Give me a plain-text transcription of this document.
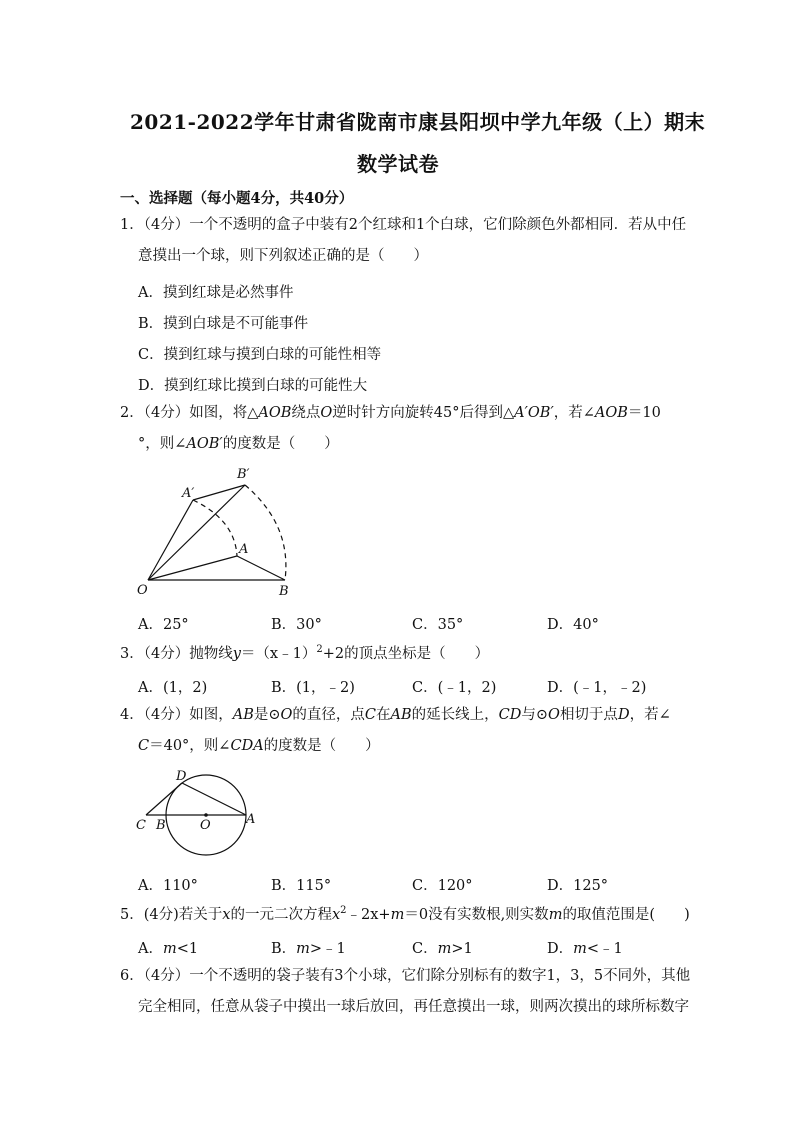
2021-2022学年甘肃省陇南市康县阳坝中学九年级（上）期末
数学试卷
一、选择题（每小题4分，共40分）
1．（4分）一个不透明的盒子中装有2个红球和1个白球，它们除颜色外都相同．若从中任
意摸出一个球，则下列叙述正确的是（　　）
A．摸到红球是必然事件
B．摸到白球是不可能事件
C．摸到红球与摸到白球的可能性相等
D．摸到红球比摸到白球的可能性大
2．（4分）如图，将△AOB绕点O逆时针方向旋转45°后得到△A′OB′，若∠AOB＝10
°，则∠AOB′的度数是（　　）
A′
B′
A
O	B
A．25°	B．30°	C．35°	D．40°
3．（4分）抛物线y＝（x﹣1）$^2$+2的顶点坐标是（　　）
A．(1，2)	B．(1，﹣2)	C．(﹣1，2)	D．(﹣1，﹣2)
4．（4分）如图，AB是⊙O的直径，点C在AB的延长线上，CD与⊙O相切于点D，若∠
C＝40°，则∠CDA的度数是（　　）
D
C B	O	A
A．110°	B．115°	C．120°	D．125°
5．(4分)若关于x的一元二次方程$x^2﹣2x+m=0$没有实数根,则实数m的取值范围是(　　)
A．m<1	B．m>﹣1	C．m>1	D．m<﹣1
6．（4分）一个不透明的袋子装有3个小球，它们除分别标有的数字1，3，5不同外，其他
完全相同，任意从袋子中摸出一球后放回，再任意摸出一球，则两次摸出的球所标数字
